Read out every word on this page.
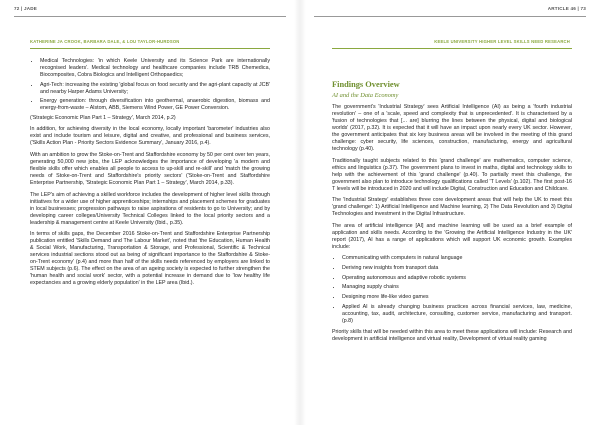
72 | JADE
KATHERINE JA CROOK, BARBARA DALE, & LOU TAYLOR-HURDSON
• Medical Technologies: 'in which Keele University and its Science Park are internationally recognised leaders'. Medical technology and healthcare companies include TRB Chemedica, Biocomposites, Cobra Biologics and Intelligent Orthopaedics;
• Agri-Tech: increasing the existing 'global focus on food security and the agri-plant capacity at JCB' and nearby Harper Adams University;
• Energy generation: through diversification into geothermal, anaerobic digestion, biomass and energy-from-waste – Alstom, ABB, Siemens Wind Power, GE Power Conversion.

('Strategic Economic Plan Part 1 – Strategy', March 2014, p.2)

In addition, for achieving diversity in the local economy, locally important 'barometer' industries also exist and include tourism and leisure, digital and creative, and professional and business services, ('Skills Action Plan - Priority Sectors Evidence Summary', January 2016, p.4).

With an ambition to grow the Stoke-on-Trent and Staffordshire economy by 50 per cent over ten years, generating 50,000 new jobs, the LEP acknowledges the importance of developing 'a modern and flexible skills offer which enables all people to access to up-skill and re-skill' and 'match the growing needs of Stoke-on-Trent and Staffordshire's priority sectors' ('Stoke-on-Trent and Staffordshire Enterprise Partnership, 'Strategic Economic Plan Part 1 – Strategy', March 2014, p.33).

The LEP's aim of achieving a skilled workforce includes the development of higher level skills through initiatives for a wider use of higher apprenticeships; internships and placement schemes for graduates in local businesses; progression pathways to raise aspirations of residents to go to University; and by developing career colleges/University Technical Colleges linked to the local priority sectors and a leadership & management centre at Keele University (Ibid., p.35).

In terms of skills gaps, the December 2016 Stoke-on-Trent and Staffordshire Enterprise Partnership publication entitled 'Skills Demand and The Labour Market', noted that 'the Education, Human Health & Social Work, Manufacturing, Transportation & Storage, and Professional, Scientific & Technical services industrial sections stood out as being of significant importance to the Staffordshire & Stoke-on-Trent economy' (p.4) and more than half of the skills needs referenced by employers are linked to STEM subjects (p.6). The effect on the area of an ageing society is expected to further strengthen the 'human health and social work' sector, with a potential increase in demand due to 'low healthy life expectancies and a growing elderly population' in the LEP area (Ibid.).

ARTICLE 46 | 73
KEELE UNIVERSITY HIGHER LEVEL SKILLS NEED RESEARCH
Findings Overview
AI and the Data Economy

The government's 'Industrial Strategy' sees Artificial Intelligence (AI) as being a 'fourth industrial revolution' – one of a 'scale, speed and complexity that is unprecedented'. It is characterised by a 'fusion of technologies that [... are] blurring the lines between the physical, digital and biological worlds' (2017, p.32). It is expected that it will have an impact upon nearly every UK sector. However, the government anticipates that six key business areas will be involved in the meeting of this grand challenge: cyber security, life sciences, construction, manufacturing, energy and agricultural technology (p.40).

Traditionally taught subjects related to this 'grand challenge' are mathematics, computer science, ethics and linguistics (p.37). The government plans to invest in maths, digital and technology skills to help with the achievement of this 'grand challenge' (p.40). To partially meet this challenge, the government also plan to introduce technology qualifications called 'T Levels' (p.102). The first post-16 T levels will be introduced in 2020 and will include Digital, Construction and Education and Childcare.

The 'Industrial Strategy' establishes three core development areas that will help the UK to meet this 'grand challenge': 1) Artificial Intelligence and Machine learning, 2) The Data Revolution and 3) Digital Technologies and investment in the Digital Infrastructure.

The area of artificial intelligence [AI] and machine learning will be used as a brief example of application and skills needs. According to the 'Growing the Artificial Intelligence Industry in the UK' report (2017), AI has a range of applications which will support UK economic growth. Examples include:

• Communicating with computers in natural language
• Deriving new insights from transport data
• Operating autonomous and adaptive robotic systems
• Managing supply chains
• Designing more life-like video games
• Applied AI is already changing business practices across financial services, law, medicine, accounting, tax, audit, architecture, consulting, customer service, manufacturing and transport. (p.8)

Priority skills that will be needed within this area to meet these applications will include: Research and development in artificial intelligence and virtual reality, Development of virtual reality gaming
